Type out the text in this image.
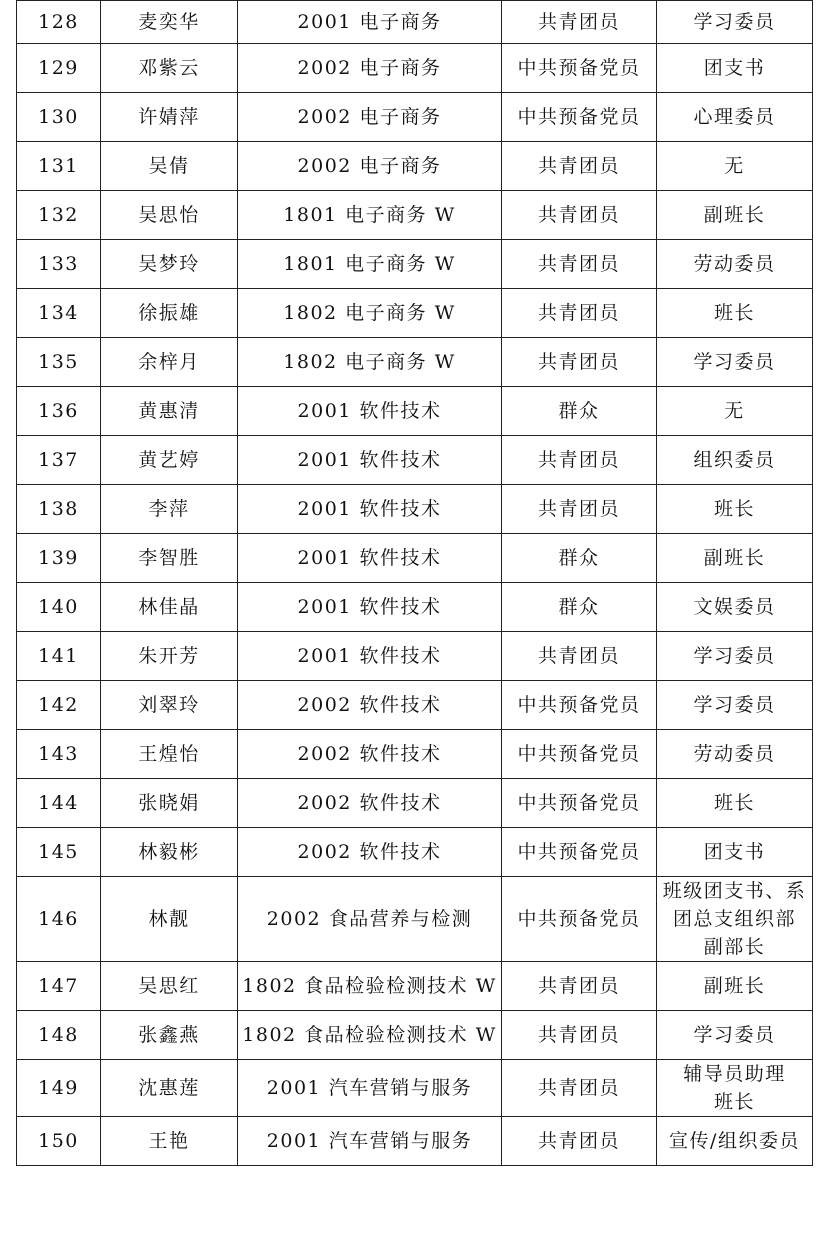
128	麦奕华	2001 电子商务	共青团员	学习委员
129	邓紫云	2002 电子商务	中共预备党员	团支书
130	许婧萍	2002 电子商务	中共预备党员	心理委员
131	吴倩	2002 电子商务	共青团员	无
132	吴思怡	1801 电子商务 W	共青团员	副班长
133	吴梦玲	1801 电子商务 W	共青团员	劳动委员
134	徐振雄	1802 电子商务 W	共青团员	班长
135	余梓月	1802 电子商务 W	共青团员	学习委员
136	黄惠清	2001 软件技术	群众	无
137	黄艺婷	2001 软件技术	共青团员	组织委员
138	李萍	2001 软件技术	共青团员	班长
139	李智胜	2001 软件技术	群众	副班长
140	林佳晶	2001 软件技术	群众	文娱委员
141	朱开芳	2001 软件技术	共青团员	学习委员
142	刘翠玲	2002 软件技术	中共预备党员	学习委员
143	王煌怡	2002 软件技术	中共预备党员	劳动委员
144	张晓娟	2002 软件技术	中共预备党员	班长
145	林毅彬	2002 软件技术	中共预备党员	团支书
146	林靓	2002 食品营养与检测	中共预备党员	班级团支书、系
团总支组织部
副部长
147	吴思红	1802 食品检验检测技术 W	共青团员	副班长
148	张鑫燕	1802 食品检验检测技术 W	共青团员	学习委员
149	沈惠莲	2001 汽车营销与服务	共青团员	辅导员助理
班长
150	王艳	2001 汽车营销与服务	共青团员	宣传/组织委员
